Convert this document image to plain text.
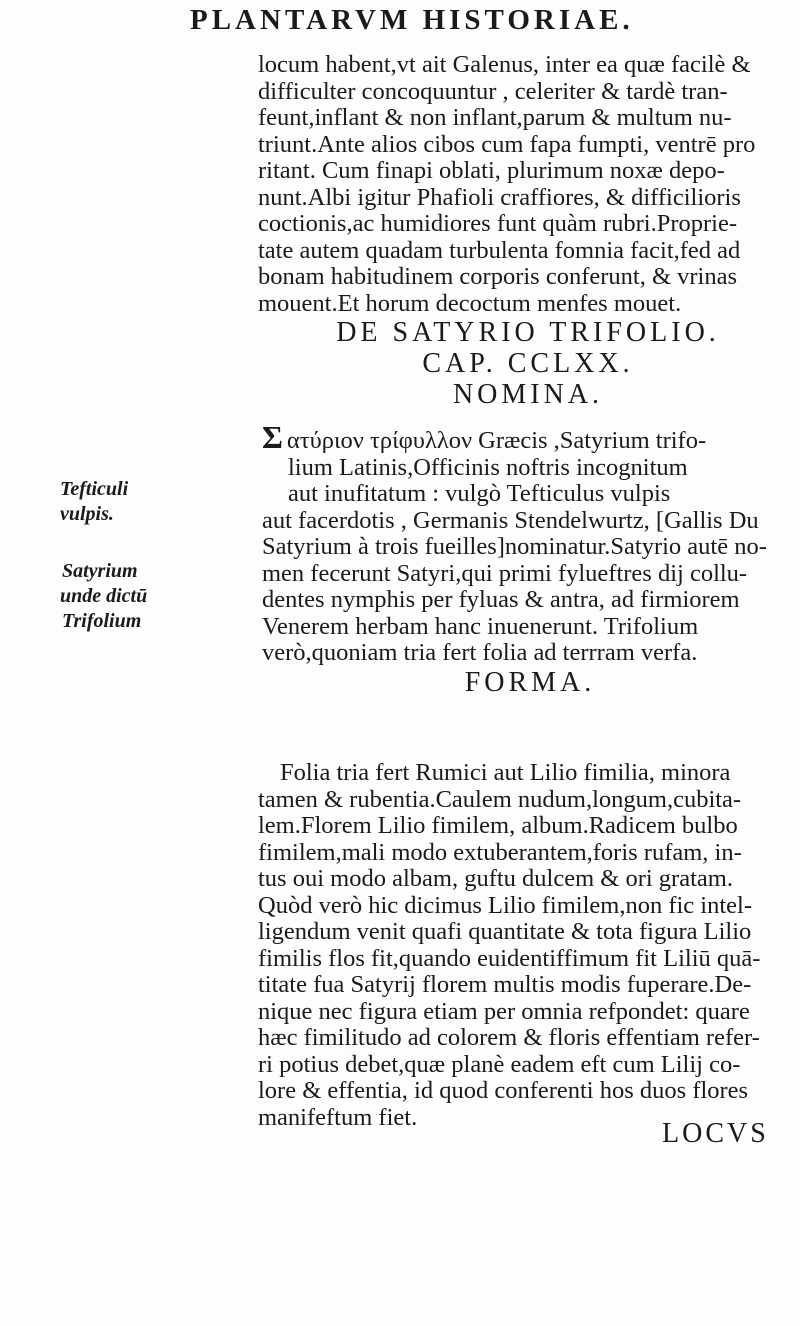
PLANTARVM HISTORIAE.
locum habent,vt ait Galenus, inter ea quæ facilè &
difficulter concoquuntur , celeriter & tardè tran-
feunt,inflant & non inflant,parum & multum nu-
triunt.Ante alios cibos cum fapa fumpti, ventrē pro
ritant. Cum finapi oblati, plurimum noxæ depo-
nunt.Albi igitur Phafioli craffiores, & difficilioris
coctionis,ac humidiores funt quàm rubri.Proprie-
tate autem quadam turbulenta fomnia facit,fed ad
bonam habitudinem corporis conferunt, & vrinas
mouent.Et horum decoctum menfes mouet.
DE SATYRIO TRIFOLIO.
CAP. CCLXX.
NOMINA.
Σ ατύριον τρίφυλλον Græcis ,Satyrium trifo-
lium Latinis,Officinis noftris incognitum
aut inufitatum : vulgò Tefticulus vulpis
aut facerdotis , Germanis Stendelwurtz, [Gallis Du
Satyrium à trois fueilles]nominatur.Satyrio autē no-
men fecerunt Satyri,qui primi fylueftres dij collu-
dentes nymphis per fyluas & antra, ad firmiorem
Venerem herbam hanc inuenerunt. Trifolium
verò,quoniam tria fert folia ad terrram verfa.
FORMA.
Folia tria fert Rumici aut Lilio fimilia, minora
tamen & rubentia.Caulem nudum,longum,cubita-
lem.Florem Lilio fimilem, album.Radicem bulbo
fimilem,mali modo extuberantem,foris rufam, in-
tus oui modo albam, guftu dulcem & ori gratam.
Quòd verò hic dicimus Lilio fimilem,non fic intel-
ligendum venit quafi quantitate & tota figura Lilio
fimilis flos fit,quando euidentiffimum fit Liliū quā-
titate fua Satyrij florem multis modis fuperare.De-
nique nec figura etiam per omnia refpondet: quare
hæc fimilitudo ad colorem & floris effentiam refer-
ri potius debet,quæ planè eadem eft cum Lilij co-
lore & effentia, id quod conferenti hos duos flores
manifeftum fiet.
Tefticuli
vulpis.
Satyrium
unde dictū
Trifolium
LOCVS
